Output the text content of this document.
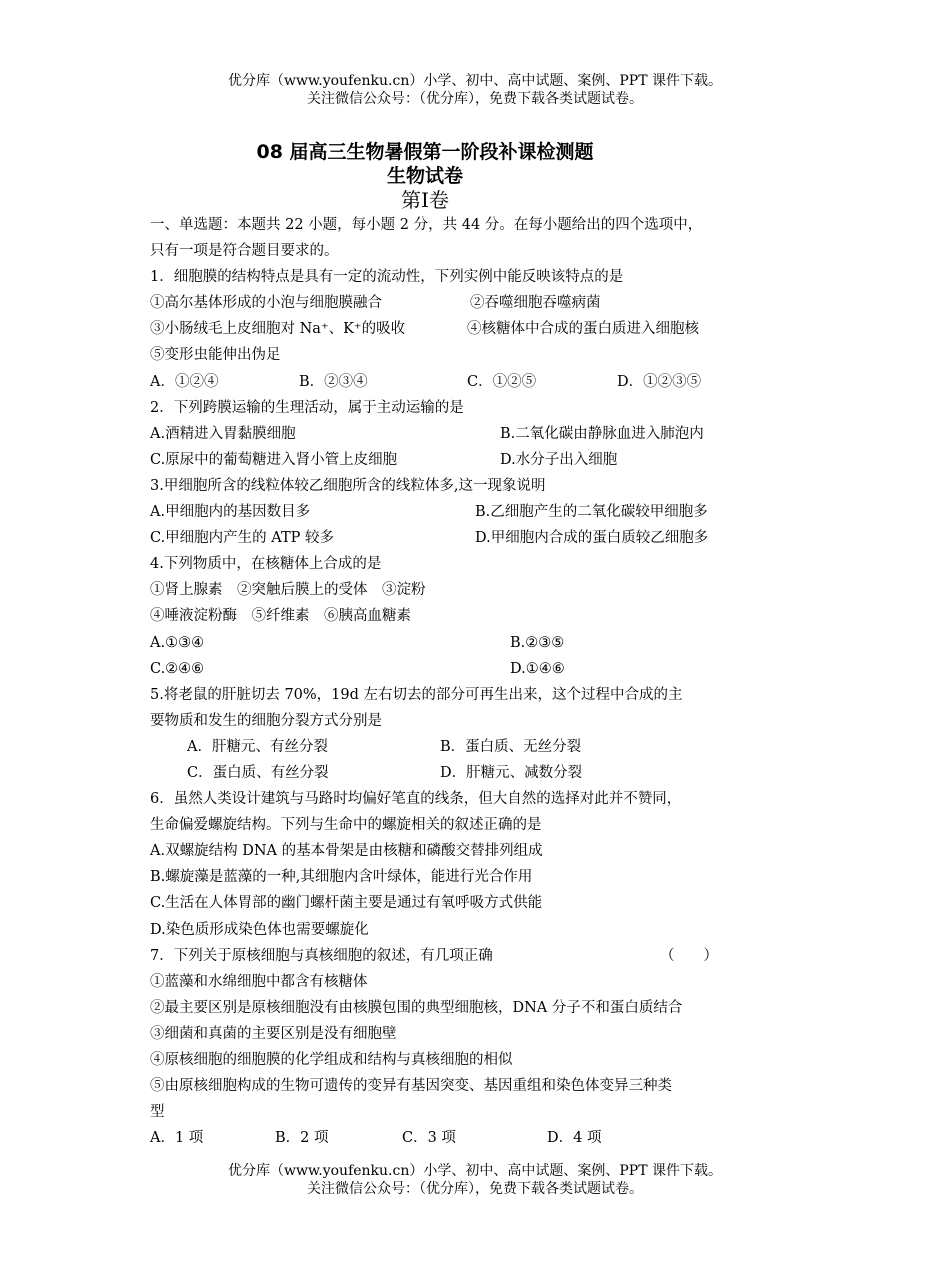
优分库（www.youfenku.cn）小学、初中、高中试题、案例、PPT 课件下载。
关注微信公众号：（优分库），免费下载各类试题试卷。
08 届高三生物暑假第一阶段补课检测题
生物试卷
第Ⅰ卷
一、单选题：本题共 22 小题，每小题 2 分，共 44 分。在每小题给出的四个选项中，
只有一项是符合题目要求的。
1．细胞膜的结构特点是具有一定的流动性，下列实例中能反映该特点的是
①高尔基体形成的小泡与细胞膜融合	②吞噬细胞吞噬病菌
③小肠绒毛上皮细胞对 Na⁺、K⁺的吸收	④核糖体中合成的蛋白质进入细胞核
⑤变形虫能伸出伪足
A．①②④	B．②③④	C．①②⑤	D．①②③⑤
2．下列跨膜运输的生理活动，属于主动运输的是
A.酒精进入胃黏膜细胞	B.二氧化碳由静脉血进入肺泡内
C.原尿中的葡萄糖进入肾小管上皮细胞	D.水分子出入细胞
3.甲细胞所含的线粒体较乙细胞所含的线粒体多,这一现象说明
A.甲细胞内的基因数目多	B.乙细胞产生的二氧化碳较甲细胞多
C.甲细胞内产生的 ATP 较多	D.甲细胞内合成的蛋白质较乙细胞多
4.下列物质中，在核糖体上合成的是
①肾上腺素　②突触后膜上的受体　③淀粉
④唾液淀粉酶　⑤纤维素　⑥胰高血糖素
A.①③④	B.②③⑤
C.②④⑥	D.①④⑥
5.将老鼠的肝脏切去 70%，19d 左右切去的部分可再生出来，这个过程中合成的主
要物质和发生的细胞分裂方式分别是
A．肝糖元、有丝分裂	B．蛋白质、无丝分裂
C．蛋白质、有丝分裂	D．肝糖元、减数分裂
6．虽然人类设计建筑与马路时均偏好笔直的线条，但大自然的选择对此并不赞同，
生命偏爱螺旋结构。下列与生命中的螺旋相关的叙述正确的是
A.双螺旋结构 DNA 的基本骨架是由核糖和磷酸交替排列组成
B.螺旋藻是蓝藻的一种,其细胞内含叶绿体，能进行光合作用
C.生活在人体胃部的幽门螺杆菌主要是通过有氧呼吸方式供能
D.染色质形成染色体也需要螺旋化
7．下列关于原核细胞与真核细胞的叙述，有几项正确	（　　）
①蓝藻和水绵细胞中都含有核糖体
②最主要区别是原核细胞没有由核膜包围的典型细胞核，DNA 分子不和蛋白质结合
③细菌和真菌的主要区别是没有细胞壁
④原核细胞的细胞膜的化学组成和结构与真核细胞的相似
⑤由原核细胞构成的生物可遗传的变异有基因突变、基因重组和染色体变异三种类
型
A．1 项	B．2 项	C．3 项	D．4 项
优分库（www.youfenku.cn）小学、初中、高中试题、案例、PPT 课件下载。
关注微信公众号：（优分库），免费下载各类试题试卷。
